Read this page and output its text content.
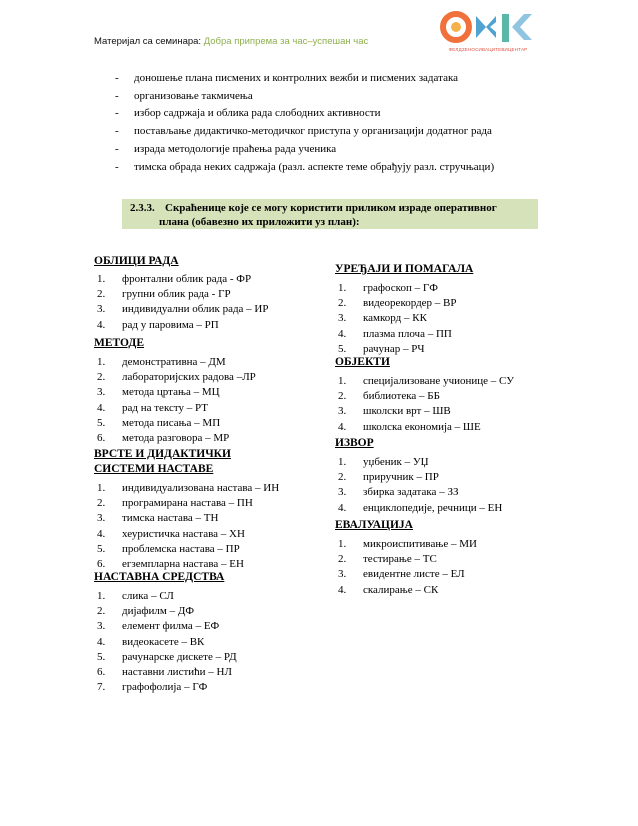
Материјал са семинара: Добра припрема за час–успешан час
ФЕЛДЗЕНОСИВАЦИТЕВИЦЕНТАР
- доношење плана писмених и контролних вежби и писмених задатака
- организовање такмичења
- избор садржаја и облика рада слободних активности
- постављање дидактичко-методичког приступа у организацији додатног рада
- израда методологије праћења рада ученика
- тимска обрада неких садржаја (разл. аспекте теме обрађују разл. стручњаци)
2.3.3. Скраћенице које се могу користити приликом израде оперативног
плана (обавезно их приложити уз план):
ОБЛИЦИ РАДА
1. фронтални облик рада - ФР
2. групни облик рада - ГР
3. индивидуални облик рада – ИР
4. рад у паровима – РП
МЕТОДЕ
1. демонстративна – ДМ
2. лабораторијских радова –ЛР
3. метода цртања – МЦ
4. рад на тексту – РТ
5. метода писања – МП
6. метода разговора – МР
ВРСТЕ И ДИДАКТИЧКИ
СИСТЕМИ НАСТАВЕ
1. индивидуализована настава – ИН
2. програмирана настава – ПН
3. тимска настава – ТН
4. хеуристичка настава – ХН
5. проблемска настава – ПР
6. егземпларна настава – ЕН
НАСТАВНА СРЕДСТВА
1. слика – СЛ
2. дијафилм – ДФ
3. елемент филма – ЕФ
4. видеокасете – ВК
5. рачунарске дискете – РД
6. наставни листићи – НЛ
7. графофолија – ГФ
УРЕЂАЈИ И ПОМАГАЛА
1. графоскоп – ГФ
2. видеорекордер – ВР
3. камкорд – КК
4. плазма плоча – ПП
5. рачунар – РЧ
ОБЈЕКТИ
1. специјализоване учионице – СУ
2. библиотека – ББ
3. школски врт – ШВ
4. школска економија – ШЕ
ИЗВОР
1. уџбеник – УЏ
2. приручник – ПР
3. збирка задатака – ЗЗ
4. енциклопедије, речници – ЕН
ЕВАЛУАЦИЈА
1. микроиспитивање – МИ
2. тестирање – ТС
3. евидентне листе – ЕЛ
4. скалирање – СК
